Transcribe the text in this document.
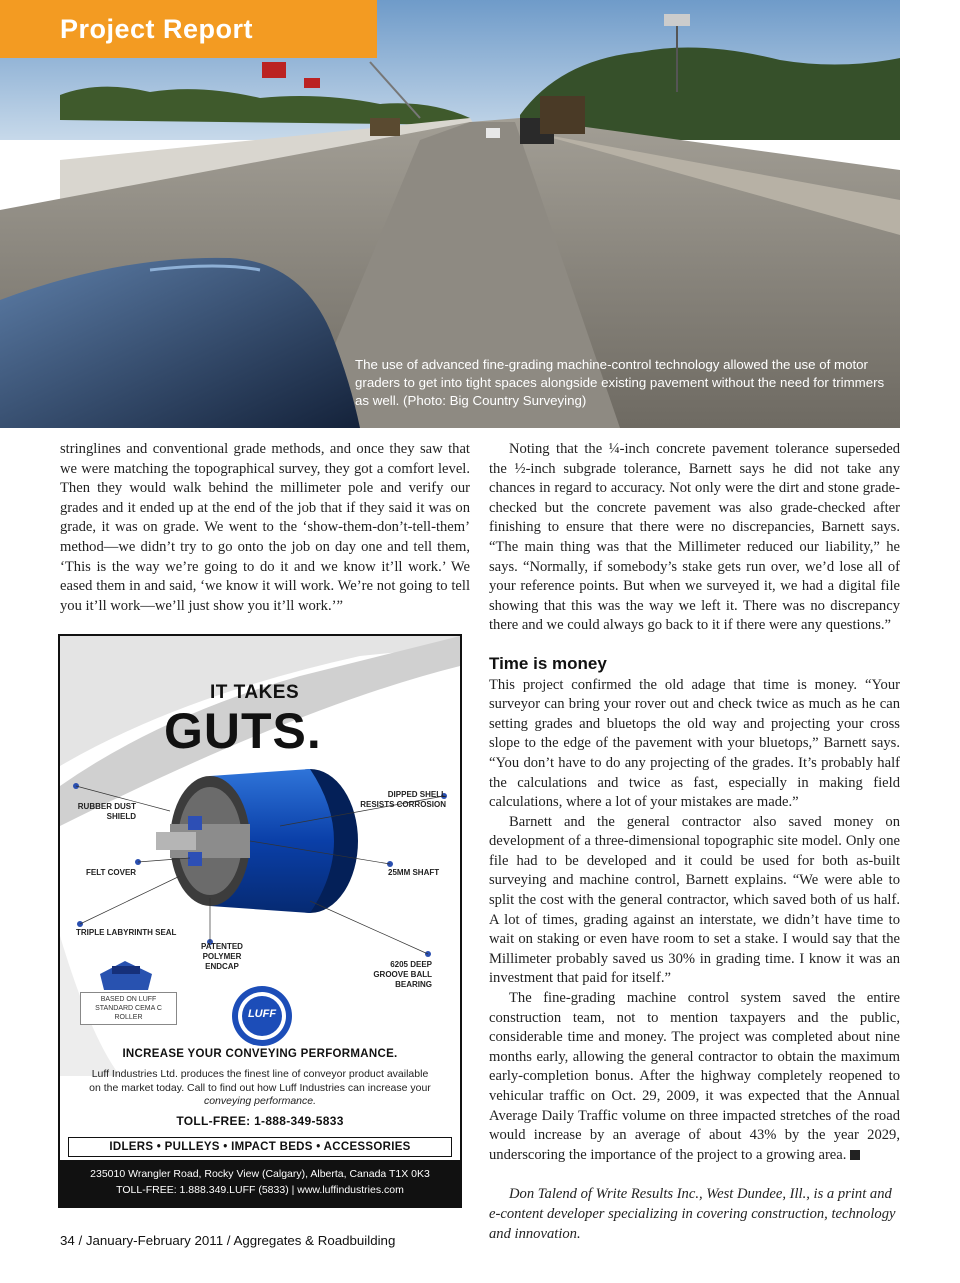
Project Report
The use of advanced fine-grading machine-control technology allowed the use of motor graders to get into tight spaces alongside existing pavement without the need for trimmers as well. (Photo: Big Country Surveying)

stringlines and conventional grade methods, and once they saw that we were matching the topographical survey, they got a comfort level. Then they would walk behind the millimeter pole and verify our grades and it ended up at the end of the job that if they said it was on grade, it was on grade. We went to the ‘show-them-don’t-tell-them’ method—we didn’t try to go onto the job on day one and tell them, ‘This is the way we’re going to do it and we know it’ll work.’ We eased them in and said, ‘we know it will work. We’re not going to tell you it’ll work—we’ll just show you it’ll work.’”

IT TAKES
GUTS.
RUBBER DUST SHIELD
DIPPED SHELL RESISTS CORROSION
FELT COVER	25MM SHAFT
TRIPLE LABYRINTH SEAL
PATENTED POLYMER ENDCAP	6205 DEEP GROOVE BALL BEARING
BASED ON LUFF STANDARD CEMA C ROLLER	LUFF
INCREASE YOUR CONVEYING PERFORMANCE.
Luff Industries Ltd. produces the finest line of conveyor product available on the market today. Call to find out how Luff Industries can increase your conveying performance.
TOLL-FREE: 1-888-349-5833
IDLERS • PULLEYS • IMPACT BEDS • ACCESSORIES
235010 Wrangler Road, Rocky View (Calgary), Alberta, Canada T1X 0K3
TOLL-FREE: 1.888.349.LUFF (5833) | www.luffindustries.com

Noting that the ¼-inch concrete pavement tolerance superseded the ½-inch subgrade tolerance, Barnett says he did not take any chances in regard to accuracy. Not only were the dirt and stone grade-checked but the concrete pavement was also grade-checked after finishing to ensure that there were no discrepancies, Barnett says. “The main thing was that the Millimeter reduced our liability,” he says. “Normally, if somebody’s stake gets run over, we’d lose all of your reference points. But when we surveyed it, we had a digital file showing that this was the way we left it. There was no discrepancy there and we could always go back to it if there were any questions.”

Time is money

This project confirmed the old adage that time is money. “Your surveyor can bring your rover out and check twice as much as he can setting grades and bluetops the old way and projecting your cross slope to the edge of the pavement with your bluetops,” Barnett says. “You don’t have to do any projecting of the grades. It’s probably half the calculations and twice as fast, especially in making field calculations, where a lot of your mistakes are made.”

Barnett and the general contractor also saved money on development of a three-dimensional topographic site model. Only one file had to be developed and it could be used for both as-built surveying and machine control, Barnett explains. “We were able to split the cost with the general contractor, which saved both of us half. A lot of times, grading against an interstate, we didn’t have time to wait on staking or even have room to set a stake. I would say that the Millimeter probably saved us 30% in grading time. I know it was an investment that paid for itself.”

The fine-grading machine control system saved the entire construction team, not to mention taxpayers and the public, considerable time and money. The project was completed about nine months early, allowing the general contractor to obtain the maximum early-completion bonus. After the highway completely reopened to vehicular traffic on Oct. 29, 2009, it was expected that the Annual Average Daily Traffic volume on three impacted stretches of the road would increase by an average of about 43% by the year 2029, underscoring the importance of the project to a growing area.

Don Talend of Write Results Inc., West Dundee, Ill., is a print and e-content developer specializing in covering construction, technology and innovation.

34 / January-February 2011 / Aggregates & Roadbuilding
